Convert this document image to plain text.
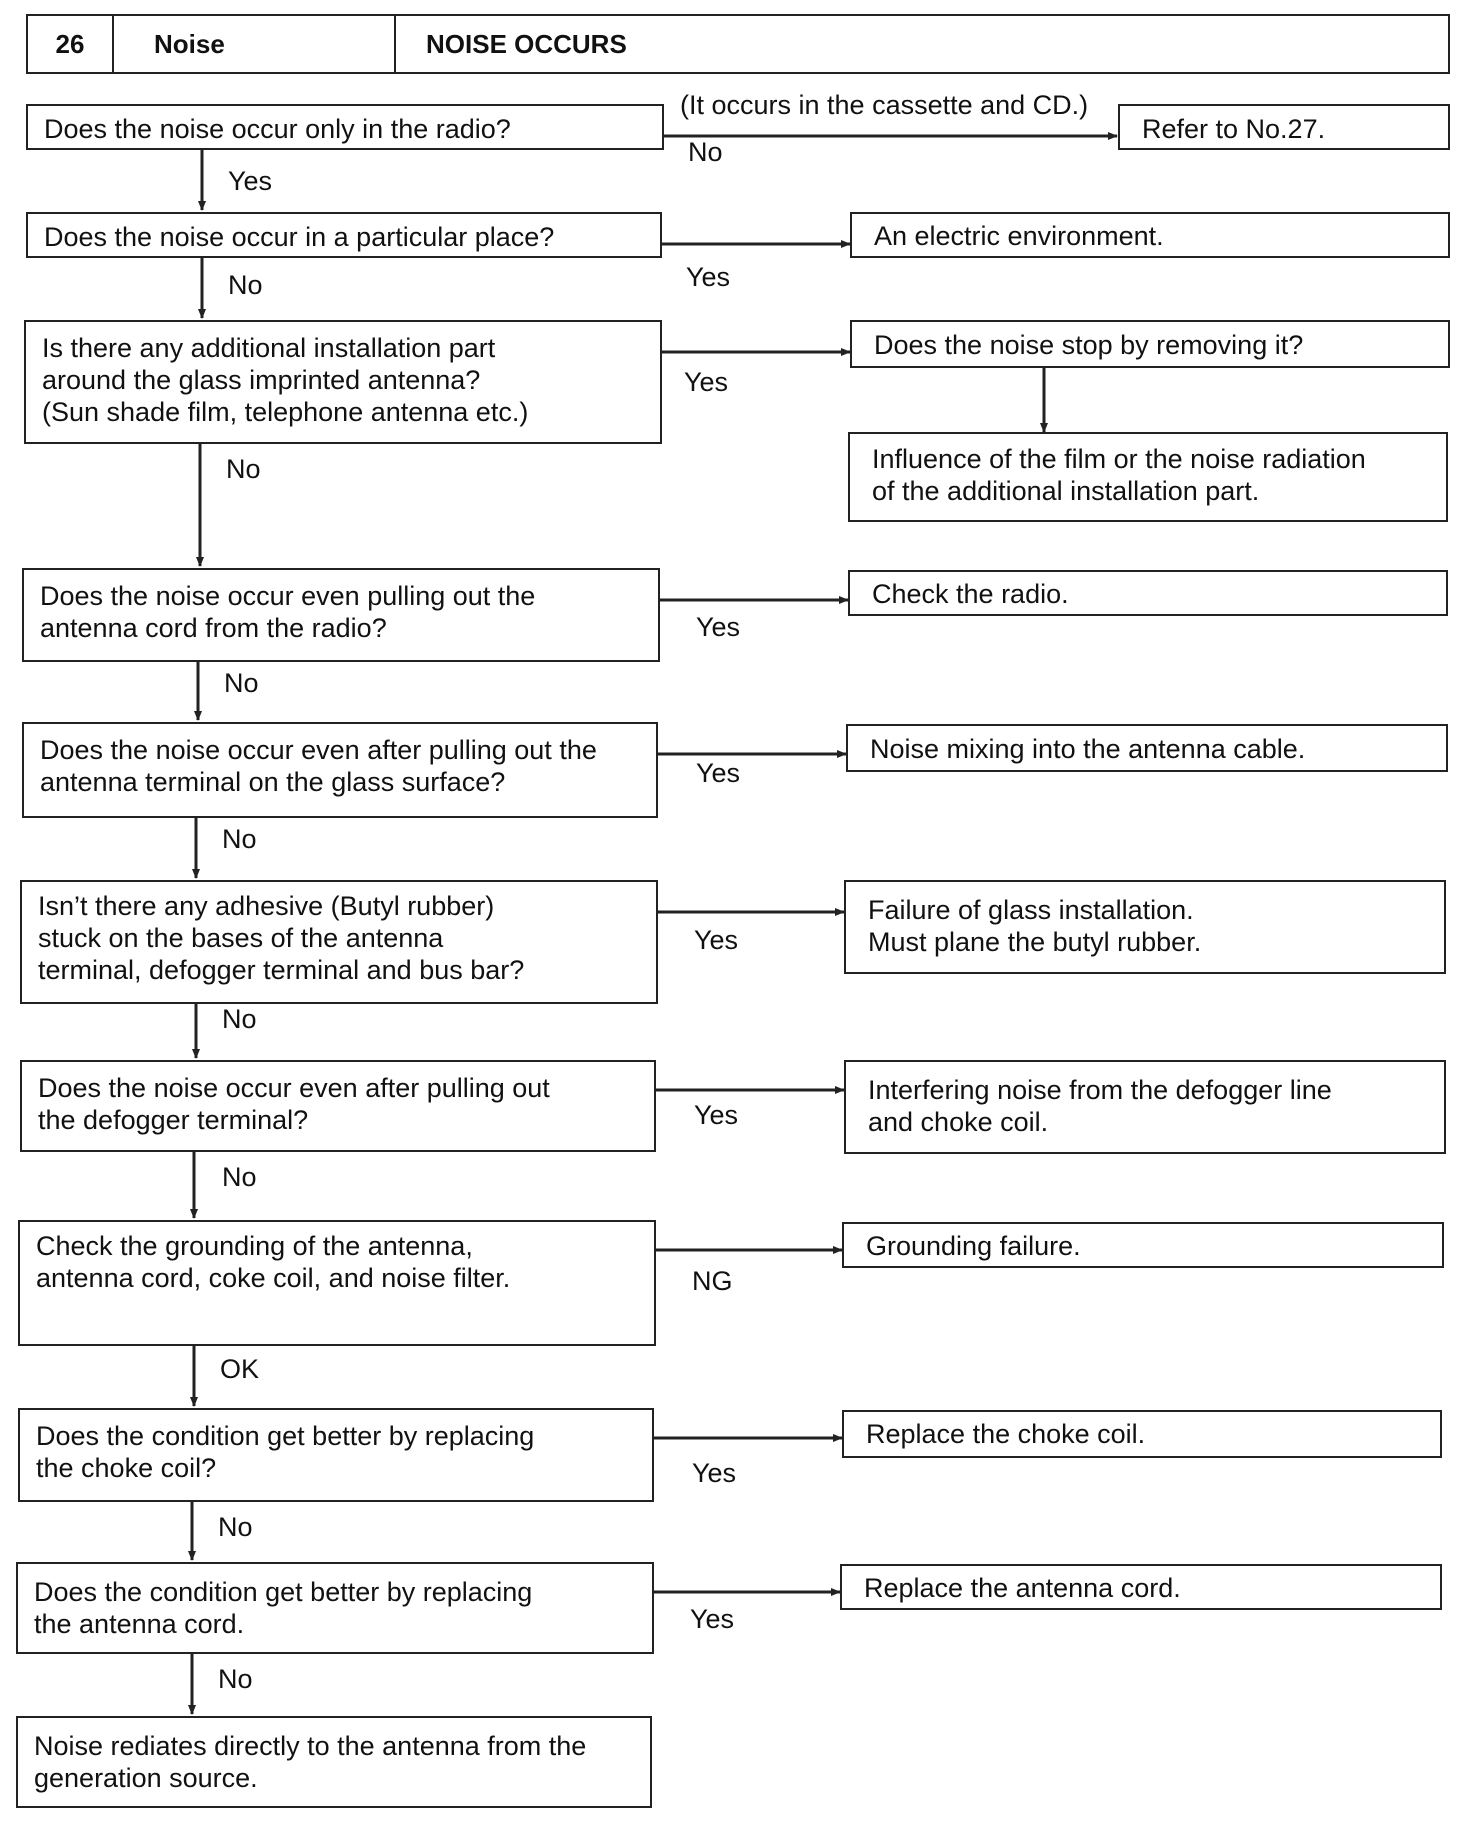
26	Noise	NOISE OCCURS
Does the noise occur only in the radio?
(It occurs in the cassette and CD.)
No
Refer to No.27.
Yes
Does the noise occur in a particular place?
Yes
An electric environment.
No
Is there any additional installation part
around the glass imprinted antenna?
(Sun shade film, telephone antenna etc.)
Yes
Does the noise stop by removing it?
Influence of the film or the noise radiation
of the additional installation part.
No
Does the noise occur even pulling out the
antenna cord from the radio?	Yes
Check the radio.
No
Does the noise occur even after pulling out the
antenna terminal on the glass surface?	Yes
Noise mixing into the antenna cable.
No
Isn’t there any adhesive (Butyl rubber)
stuck on the bases of the antenna
terminal, defogger terminal and bus bar?
Yes
Failure of glass installation.
Must plane the butyl rubber.
No
Does the noise occur even after pulling out
the defogger terminal?	Yes
Interfering noise from the defogger line
and choke coil.
No
Check the grounding of the antenna,
antenna cord, coke coil, and noise filter.	NG
Grounding failure.
OK
Does the condition get better by replacing
the choke coil?	Yes
Replace the choke coil.
No
Does the condition get better by replacing
the antenna cord.	Yes
Replace the antenna cord.
No
Noise rediates directly to the antenna from the
generation source.
